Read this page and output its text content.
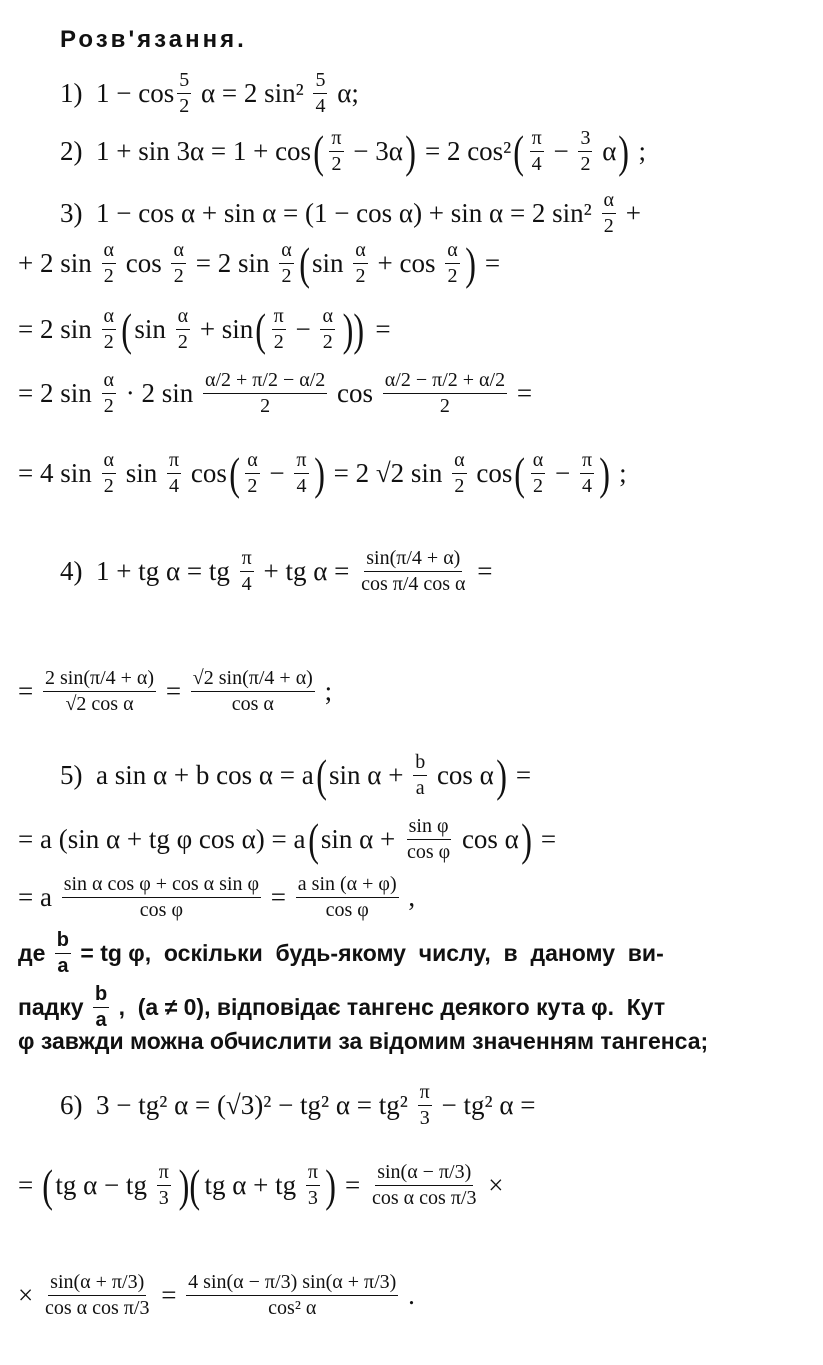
Розв'язання.
1)  $1 - \cos \frac{5}{2}$ α = 2 $\sin^2 \frac{5}{4} \alpha$;
2)  1 + sin 3α = 1 + cos ( $\frac{\pi}{2} - 3\alpha$ ) = 2 cos² ( $\frac{\pi}{4} - \frac{3}{2}$ α ) ;
3)  1 − cos α + sin α = (1 − cos α) + sin α = 2 $\sin^2 \frac{\alpha}{2}$ +
+ 2 $\sin \frac{\alpha}{2}$ $\cos \frac{\alpha}{2} = 2$ $\sin \frac{\alpha}{2}$ ( $\sin \frac{\alpha}{2} + \cos \frac{\alpha}{2}$ ) =
= 2 $\sin \frac{\alpha}{2}$ ( $\sin \frac{\alpha}{2} + \sin$ ( $\frac{\pi}{2} - \frac{\alpha}{2}$ )) =
= 2 $\sin \frac{\alpha}{2} \cdot 2$ $\sin \frac{\alpha/2 + \pi/2 - \alpha/2}{2}$ $\cos \frac{\alpha/2 - \pi/2 + \alpha/2}{2}$ =
= 4 $\sin \frac{\alpha}{2}$ $\sin \frac{\pi}{4}$ cos ( $\frac{\alpha}{2} - \frac{\pi}{4}$ ) = 2 √2 $\sin \frac{\alpha}{2}$ cos ( $\frac{\alpha}{2} - \frac{\pi}{4}$ ) ;
4)  1 + tg α = tg $\frac{\pi}{4}$ + tg $\alpha = \frac{\sin(\pi/4 + \alpha)}{\text{cos π/4 cos α}}$ =
= $\frac{2 \sin(\pi/4 + \alpha)}{\text{√2 cos α}} = \frac{√2 \sin(\pi/4 + \alpha)}{\text{cos α}}$ ;
5)  a sin α + b cos α = a ( $\sin \alpha + \frac{b}{a}$ cos α ) =
= a (sin α + tg φ cos α) = a ( $\sin \alpha + \frac{\text{sin φ}}{\text{cos φ}}$ cos α ) =
= a $\frac{\text{sin α cos φ + cos α sin φ}}{\text{cos φ}} = \frac{\text{a sin (α + φ)}}{\text{cos φ}}$ ,
де $\frac{b}{a}$ = tg φ,  оскільки  будь-якому  числу,  в  даному  ви-
падку $\frac{b}{a}$ ,  (a ≠ 0), відповідає тангенс деякого кута φ.  Кут
φ завжди можна обчислити за відомим значенням тангенса;
6)  3 − tg² α = (√3)² − tg² $\alpha = tg^2 \frac{\pi}{3} - tg^2$ α =
= ( tg α − tg $\frac{\pi}{3}$ )( tg α + tg $\frac{\pi}{3}$ ) = $\frac{\sin(\alpha - \pi/3)}{\text{cos α cos π/3}}$ ×
× $\frac{\sin(\alpha + \pi/3)}{\text{cos α cos π/3}} = \frac{4 \sin(\alpha - \pi/3) \sin(\alpha + \pi/3)}{\text{cos² α}}$ .
